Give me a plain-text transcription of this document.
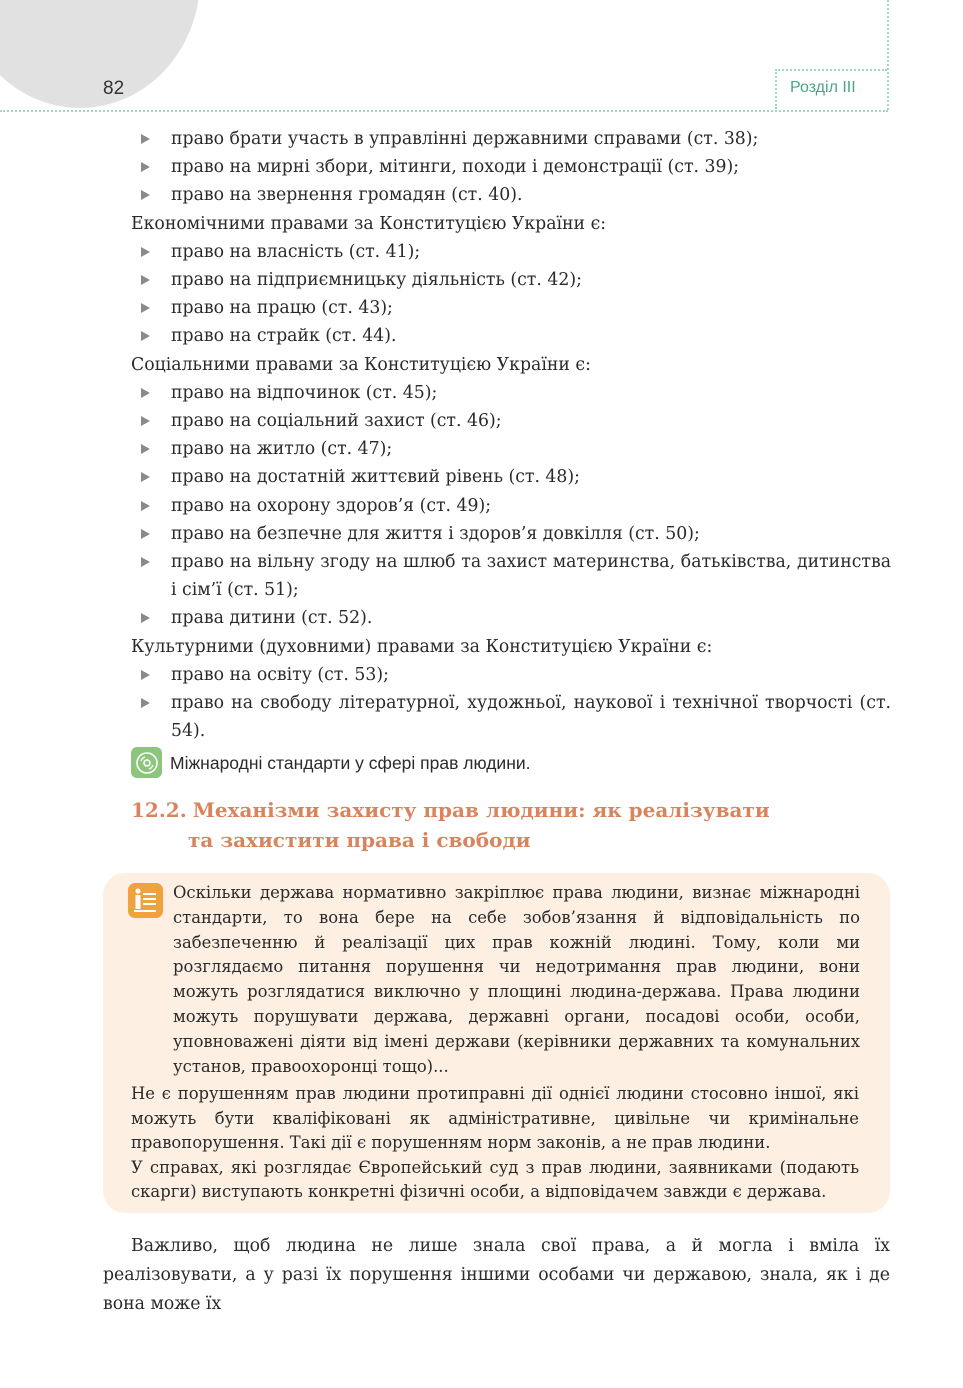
82	Розділ ІІІ
право брати участь в управлінні державними справами (ст. 38);
право на мирні збори, мітинги, походи і демонстрації (ст. 39);
право на звернення громадян (ст. 40).
Економічними правами за Конституцією України є:
право на власність (ст. 41);
право на підприємницьку діяльність (ст. 42);
право на працю (ст. 43);
право на страйк (ст. 44).
Соціальними правами за Конституцією України є:
право на відпочинок (ст. 45);
право на соціальний захист (ст. 46);
право на житло (ст. 47);
право на достатній життєвий рівень (ст. 48);
право на охорону здоров’я (ст. 49);
право на безпечне для життя і здоров’я довкілля (ст. 50);
право на вільну згоду на шлюб та захист материнства, батьківства, дитинства і сім’ї (ст. 51);
права дитини (ст. 52).
Культурними (духовними) правами за Конституцією України є:
право на освіту (ст. 53);
право на свободу літературної, художньої, наукової і технічної творчості (ст. 54).
Міжнародні стандарти у сфері прав людини.
12.2. Механізми захисту прав людини: як реалізувати
та захистити права і свободи
Оскільки держава нормативно закріплює права людини, визнає міжнародні стандарти, то вона бере на себе зобов’язання й відповідальність по забезпеченню й реалізації цих прав кожній людині. Тому, коли ми розглядаємо питання порушення чи недотримання прав людини, вони можуть розглядатися виключно у площині людина-держава. Права людини можуть порушувати держава, державні органи, посадові особи, особи, уповноважені діяти від імені держави (керівники державних та комунальних установ, правоохоронці тощо)...

Не є порушенням прав людини протиправні дії однієї людини стосовно іншої, які можуть бути кваліфіковані як адміністративне, цивільне чи кримінальне правопорушення. Такі дії є порушенням норм законів, а не прав людини.

У справах, які розглядає Європейський суд з прав людини, заявниками (подають скарги) виступають конкретні фізичні особи, а відповідачем завжди є держава.

Важливо, щоб людина не лише знала свої права, а й могла і вміла їх реалізовувати, а у разі їх порушення іншими особами чи державою, знала, як і де вона може їх
